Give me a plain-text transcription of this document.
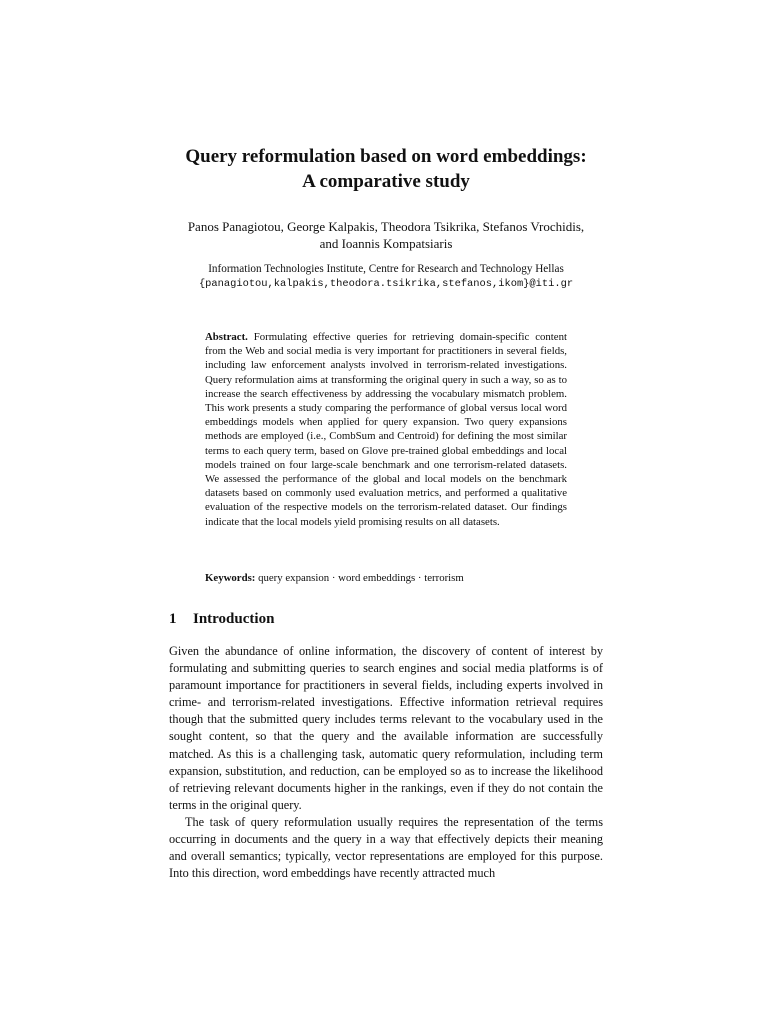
Query reformulation based on word embeddings:
A comparative study
Panos Panagiotou, George Kalpakis, Theodora Tsikrika, Stefanos Vrochidis,
and Ioannis Kompatsiaris
Information Technologies Institute, Centre for Research and Technology Hellas
{panagiotou,kalpakis,theodora.tsikrika,stefanos,ikom}@iti.gr
Abstract. Formulating effective queries for retrieving domain-specific content from the Web and social media is very important for practitioners in several fields, including law enforcement analysts involved in terrorism-related investigations. Query reformulation aims at transforming the original query in such a way, so as to increase the search effectiveness by addressing the vocabulary mismatch problem. This work presents a study comparing the performance of global versus local word embeddings models when applied for query expansion. Two query expansions methods are employed (i.e., CombSum and Centroid) for defining the most similar terms to each query term, based on Glove pre-trained global embeddings and local models trained on four large-scale benchmark and one terrorism-related datasets. We assessed the performance of the global and local models on the benchmark datasets based on commonly used evaluation metrics, and performed a qualitative evaluation of the respective models on the terrorism-related dataset. Our findings indicate that the local models yield promising results on all datasets.
Keywords: query expansion · word embeddings · terrorism
1 Introduction

Given the abundance of online information, the discovery of content of interest by formulating and submitting queries to search engines and social media platforms is of paramount importance for practitioners in several fields, including experts involved in crime- and terrorism-related investigations. Effective information retrieval requires though that the submitted query includes terms relevant to the vocabulary used in the sought content, so that the query and the available information are successfully matched. As this is a challenging task, automatic query reformulation, including term expansion, substitution, and reduction, can be employed so as to increase the likelihood of retrieving relevant documents higher in the rankings, even if they do not contain the terms in the original query.

The task of query reformulation usually requires the representation of the terms occurring in documents and the query in a way that effectively depicts their meaning and overall semantics; typically, vector representations are employed for this purpose. Into this direction, word embeddings have recently attracted much
